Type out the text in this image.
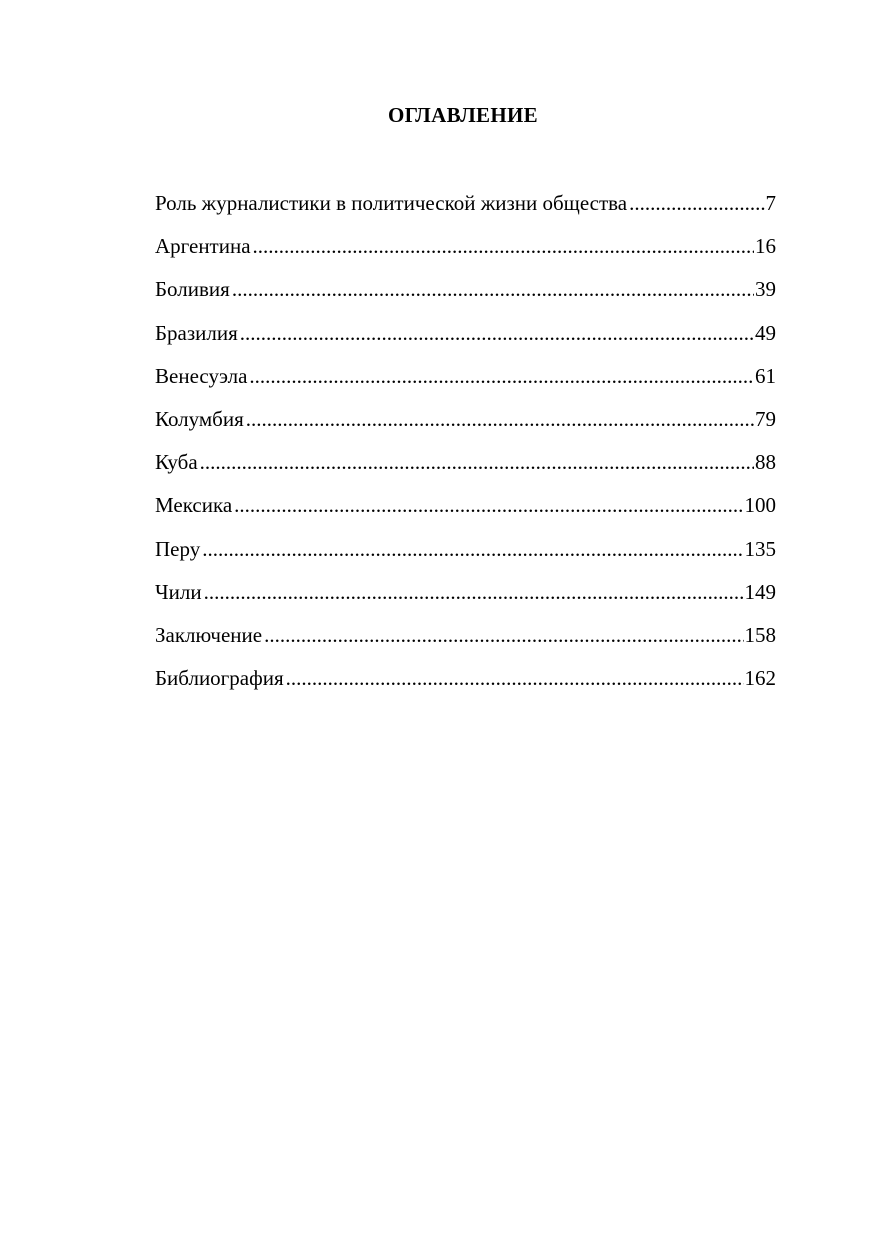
ОГЛАВЛЕНИЕ
Роль журналистики в политической жизни общества .....	7
Аргентина .....	16
Боливия .....	39
Бразилия .....	49
Венесуэла .....	61
Колумбия .....	79
Куба .....	88
Мексика .....	100
Перу .....	135
Чили .....	149
Заключение .....	158
Библиография .....	162
